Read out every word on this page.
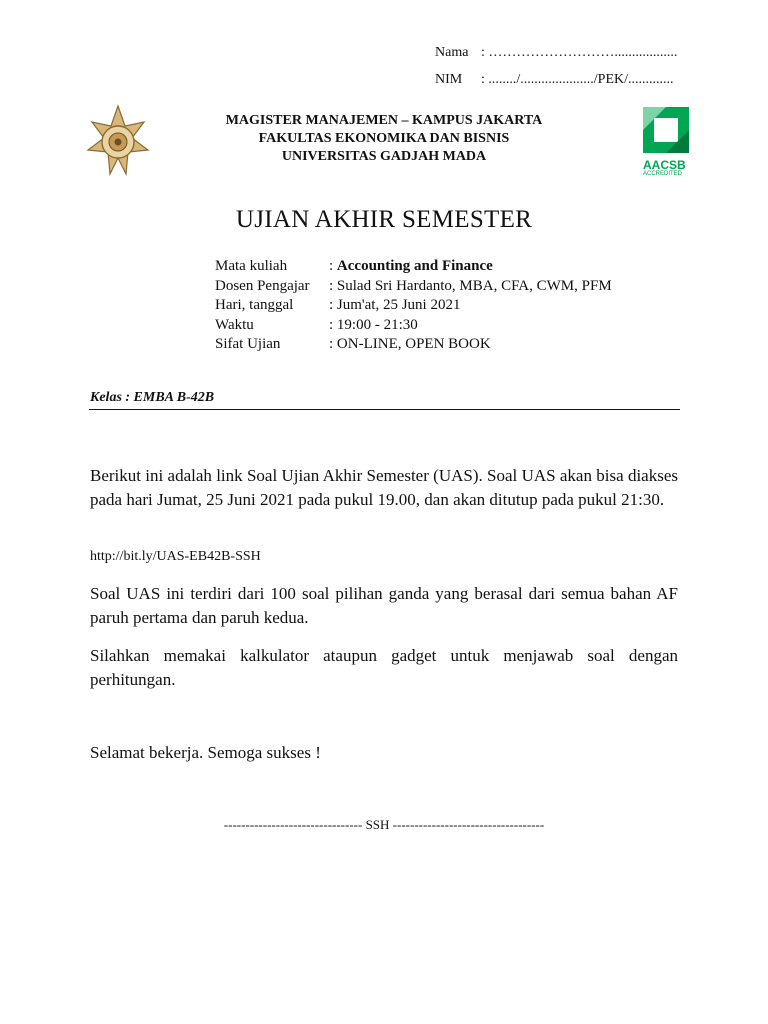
Nama : ………………………..................
NIM : ......../...................../PEK/.............
MAGISTER MANAJEMEN – KAMPUS JAKARTA
FAKULTAS EKONOMIKA DAN BISNIS
UNIVERSITAS GADJAH MADA
AACSB
ACCREDITED
UJIAN AKHIR SEMESTER
Mata kuliah	: Accounting and Finance
Dosen Pengajar : Sulad Sri Hardanto, MBA, CFA, CWM, PFM
Hari, tanggal : Jum'at, 25 Juni 2021
Waktu	: 19:00 - 21:30
Sifat Ujian	: ON-LINE, OPEN BOOK
Kelas : EMBA B-42B
Berikut ini adalah link Soal Ujian Akhir Semester (UAS). Soal UAS akan bisa diakses pada hari Jumat, 25 Juni 2021 pada pukul 19.00, dan akan ditutup pada pukul 21:30.
http://bit.ly/UAS-EB42B-SSH
Soal UAS ini terdiri dari 100 soal pilihan ganda yang berasal dari semua bahan AF paruh pertama dan paruh kedua.
Silahkan memakai kalkulator ataupun gadget untuk menjawab soal dengan perhitungan.
Selamat bekerja. Semoga sukses !
-------------------------------- SSH -----------------------------------
